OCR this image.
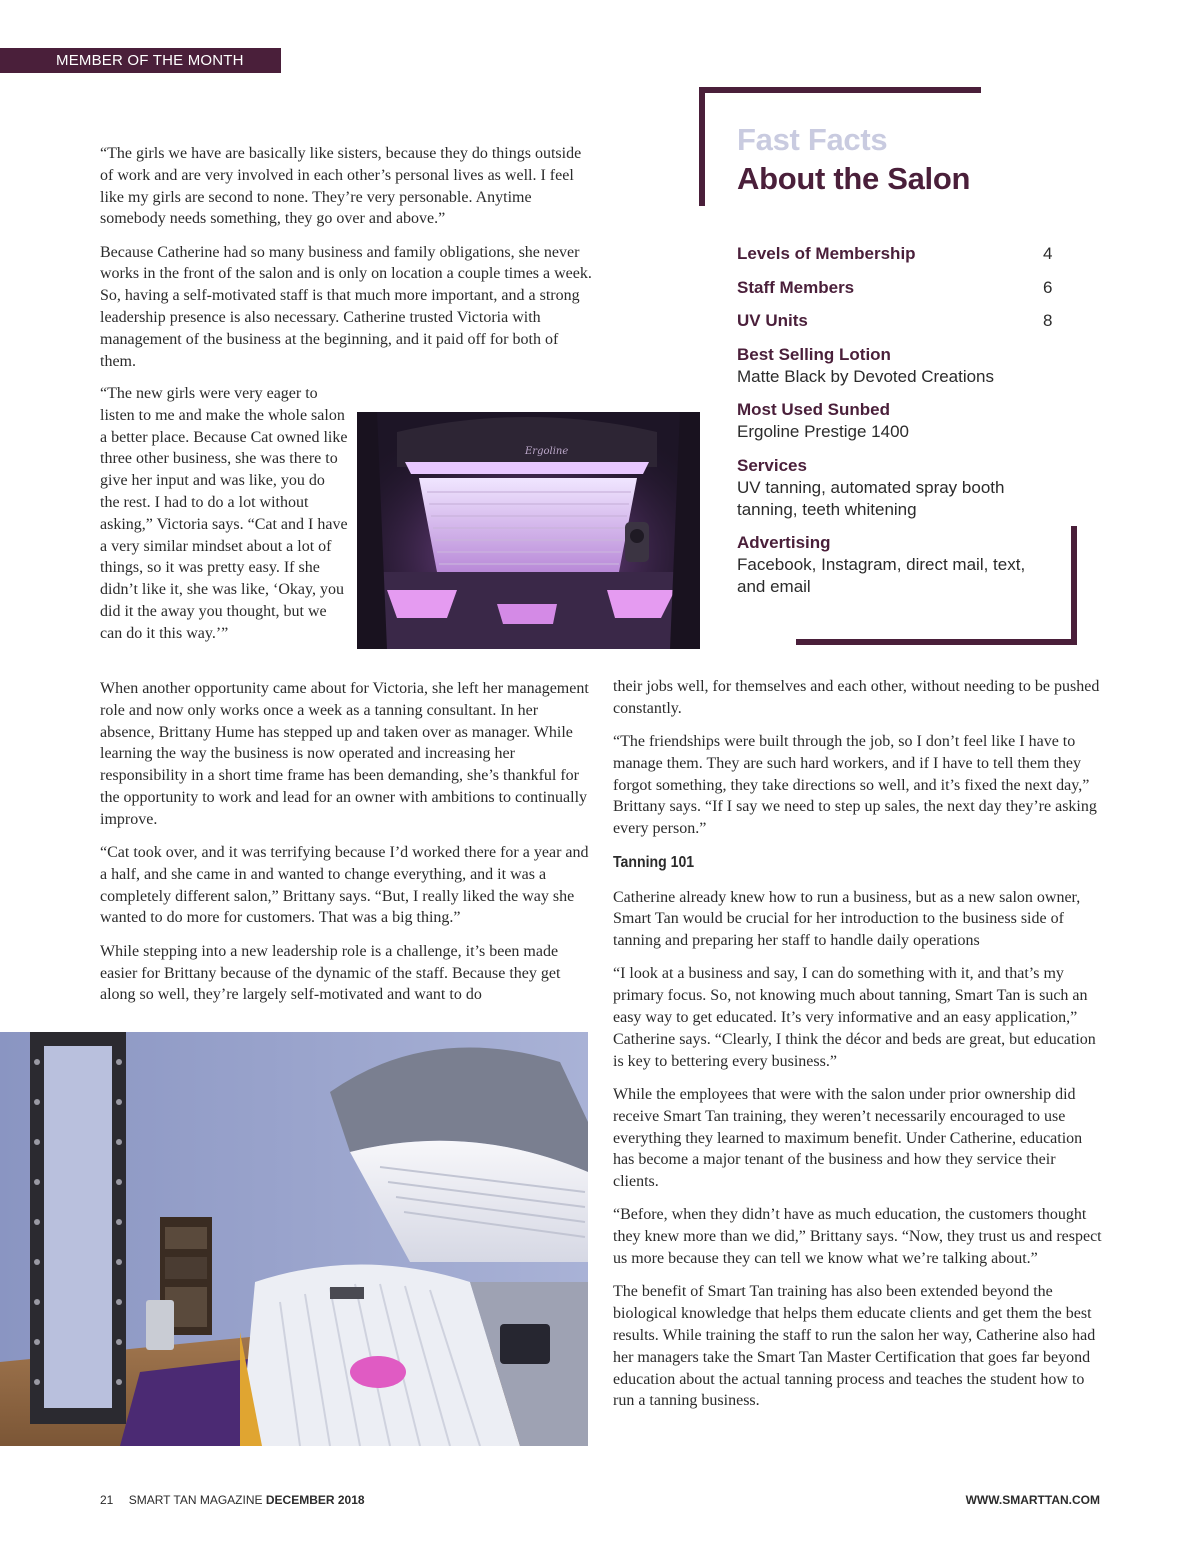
MEMBER OF THE MONTH

“The girls we have are basically like sisters, because they do things outside of work and are very involved in each other’s personal lives as well. I feel like my girls are second to none. They’re very personable. Anytime somebody needs something, they go over and above.”

Because Catherine had so many business and family obligations, she never works in the front of the salon and is only on location a couple times a week. So, having a self-motivated staff is that much more important, and a strong leadership presence is also necessary. Catherine trusted Victoria with management of the business at the beginning, and it paid off for both of them.

“The new girls were very eager to listen to me and make the whole salon a better place. Because Cat owned like three other business, she was there to give her input and was like, you do the rest. I had to do a lot without asking,” Victoria says. “Cat and I have a very similar mindset about a lot of things, so it was pretty easy. If she didn’t like it, she was like, ‘Okay, you did it the away you thought, but we can do it this way.’”

Ergoline
Fast Facts
About the Salon
Levels of Membership	4
Staff Members	6
UV Units	8
Best Selling Lotion
Matte Black by Devoted Creations
Most Used Sunbed
Ergoline Prestige 1400
Services
UV tanning, automated spray booth tanning, teeth whitening
Advertising
Facebook, Instagram, direct mail, text, and email

When another opportunity came about for Victoria, she left her management role and now only works once a week as a tanning consultant. In her absence, Brittany Hume has stepped up and taken over as manager. While learning the way the business is now operated and increasing her responsibility in a short time frame has been demanding, she’s thankful for the opportunity to work and lead for an owner with ambitions to continually improve.

“Cat took over, and it was terrifying because I’d worked there for a year and a half, and she came in and wanted to change everything, and it was a completely different salon,” Brittany says. “But, I really liked the way she wanted to do more for customers. That was a big thing.”

While stepping into a new leadership role is a challenge, it’s been made easier for Brittany because of the dynamic of the staff. Because they get along so well, they’re largely self-motivated and want to do

their jobs well, for themselves and each other, without needing to be pushed constantly.

“The friendships were built through the job, so I don’t feel like I have to manage them. They are such hard workers, and if I have to tell them they forgot something, they take directions so well, and it’s fixed the next day,” Brittany says. “If I say we need to step up sales, the next day they’re asking every person.”

Tanning 101

Catherine already knew how to run a business, but as a new salon owner, Smart Tan would be crucial for her introduction to the business side of tanning and preparing her staff to handle daily operations

“I look at a business and say, I can do something with it, and that’s my primary focus. So, not knowing much about tanning, Smart Tan is such an easy way to get educated. It’s very informative and an easy application,” Catherine says. “Clearly, I think the décor and beds are great, but education is key to bettering every business.”

While the employees that were with the salon under prior ownership did receive Smart Tan training, they weren’t necessarily encouraged to use everything they learned to maximum benefit. Under Catherine, education has become a major tenant of the business and how they service their clients.

“Before, when they didn’t have as much education, the customers thought they knew more than we did,” Brittany says. “Now, they trust us and respect us more because they can tell we know what we’re talking about.”

The benefit of Smart Tan training has also been extended beyond the biological knowledge that helps them educate clients and get them the best results. While training the staff to run the salon her way, Catherine also had her managers take the Smart Tan Master Certification that goes far beyond education about the actual tanning process and teaches the student how to run a tanning business.

21 SMART TAN MAGAZINE DECEMBER 2018	WWW.SMARTTAN.COM
